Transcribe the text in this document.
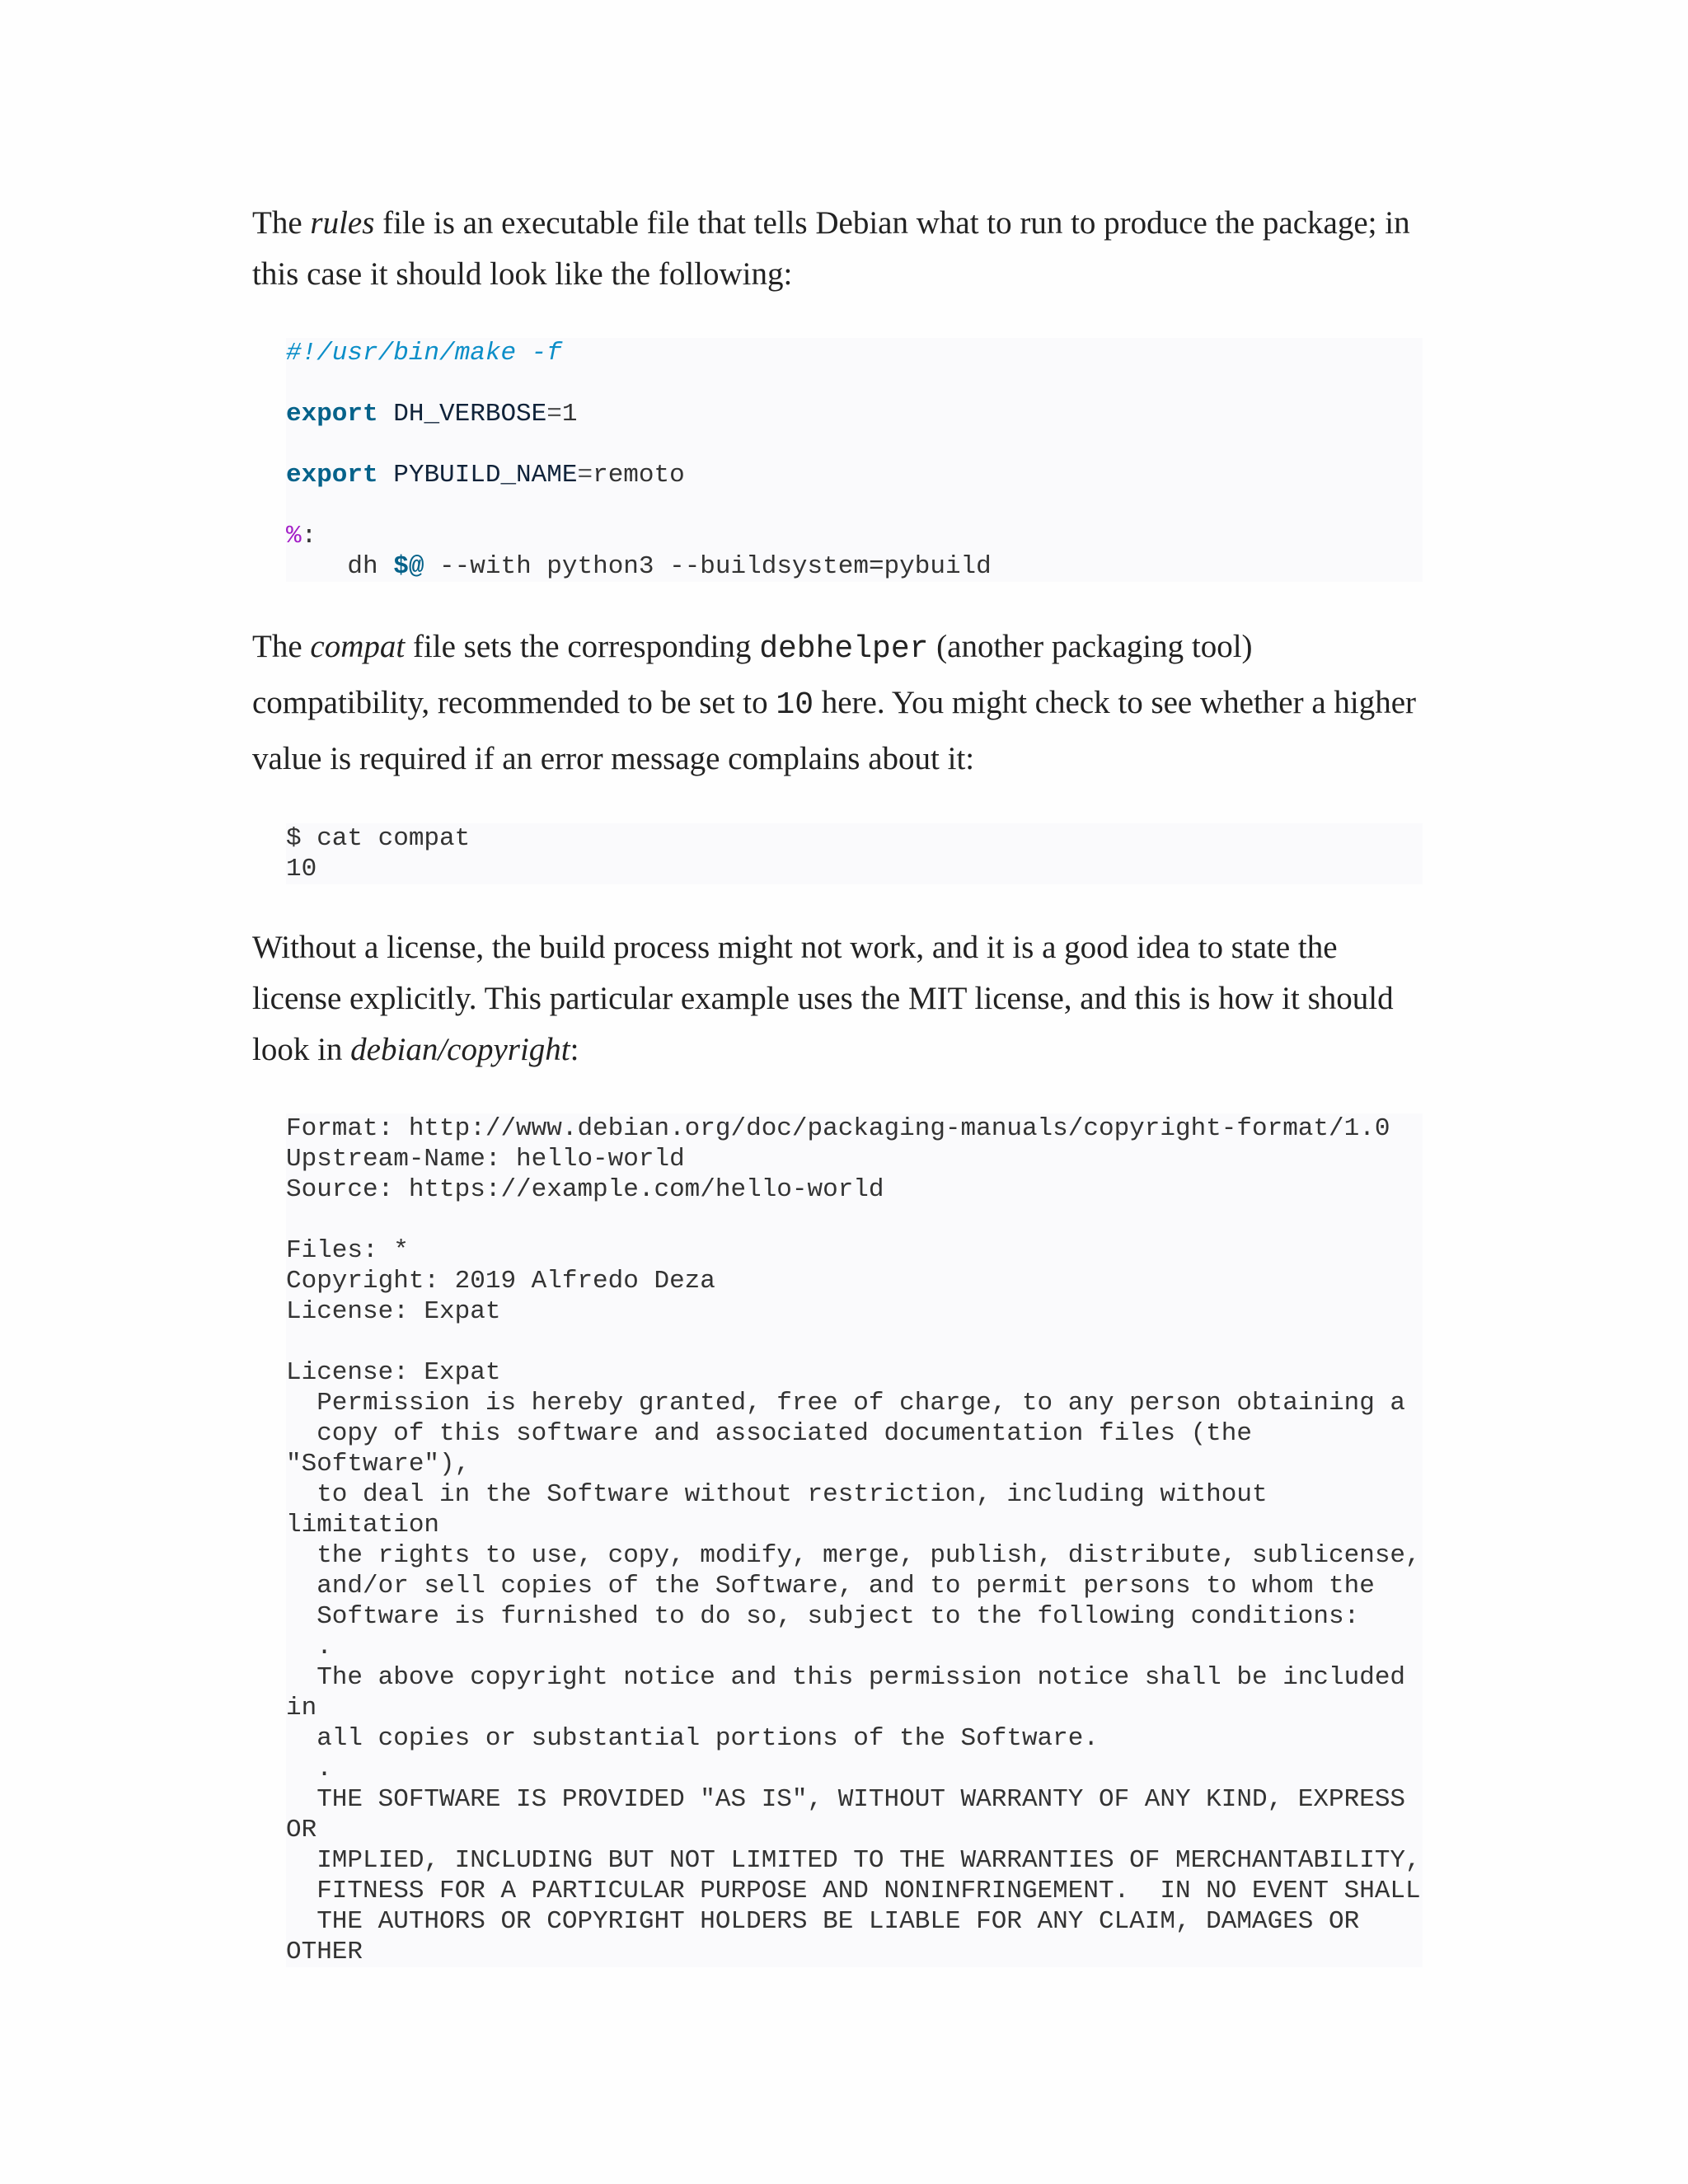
The rules file is an executable file that tells Debian what to run to produce the package; in this case it should look like the following:

#!/usr/bin/make -f

export DH_VERBOSE=1

export PYBUILD_NAME=remoto

%:
dh $@ --with python3 --buildsystem=pybuild

The compat file sets the corresponding debhelper (another packaging tool) compatibility, recommended to be set to 10 here. You might check to see whether a higher value is required if an error message complains about it:

$ cat compat
10

Without a license, the build process might not work, and it is a good idea to state the license explicitly. This particular example uses the MIT license, and this is how it should look in debian/copyright:

Format: http://www.debian.org/doc/packaging-manuals/copyright-format/1.0
Upstream-Name: hello-world
Source: https://example.com/hello-world

Files: *
Copyright: 2019 Alfredo Deza
License: Expat

License: Expat
Permission is hereby granted, free of charge, to any person obtaining a
copy of this software and associated documentation files (the
"Software"),
to deal in the Software without restriction, including without
limitation
the rights to use, copy, modify, merge, publish, distribute, sublicense,
and/or sell copies of the Software, and to permit persons to whom the
Software is furnished to do so, subject to the following conditions:
.
The above copyright notice and this permission notice shall be included
in
all copies or substantial portions of the Software.
.
THE SOFTWARE IS PROVIDED "AS IS", WITHOUT WARRANTY OF ANY KIND, EXPRESS
OR
IMPLIED, INCLUDING BUT NOT LIMITED TO THE WARRANTIES OF MERCHANTABILITY,
FITNESS FOR A PARTICULAR PURPOSE AND NONINFRINGEMENT.  IN NO EVENT SHALL
THE AUTHORS OR COPYRIGHT HOLDERS BE LIABLE FOR ANY CLAIM, DAMAGES OR
OTHER
